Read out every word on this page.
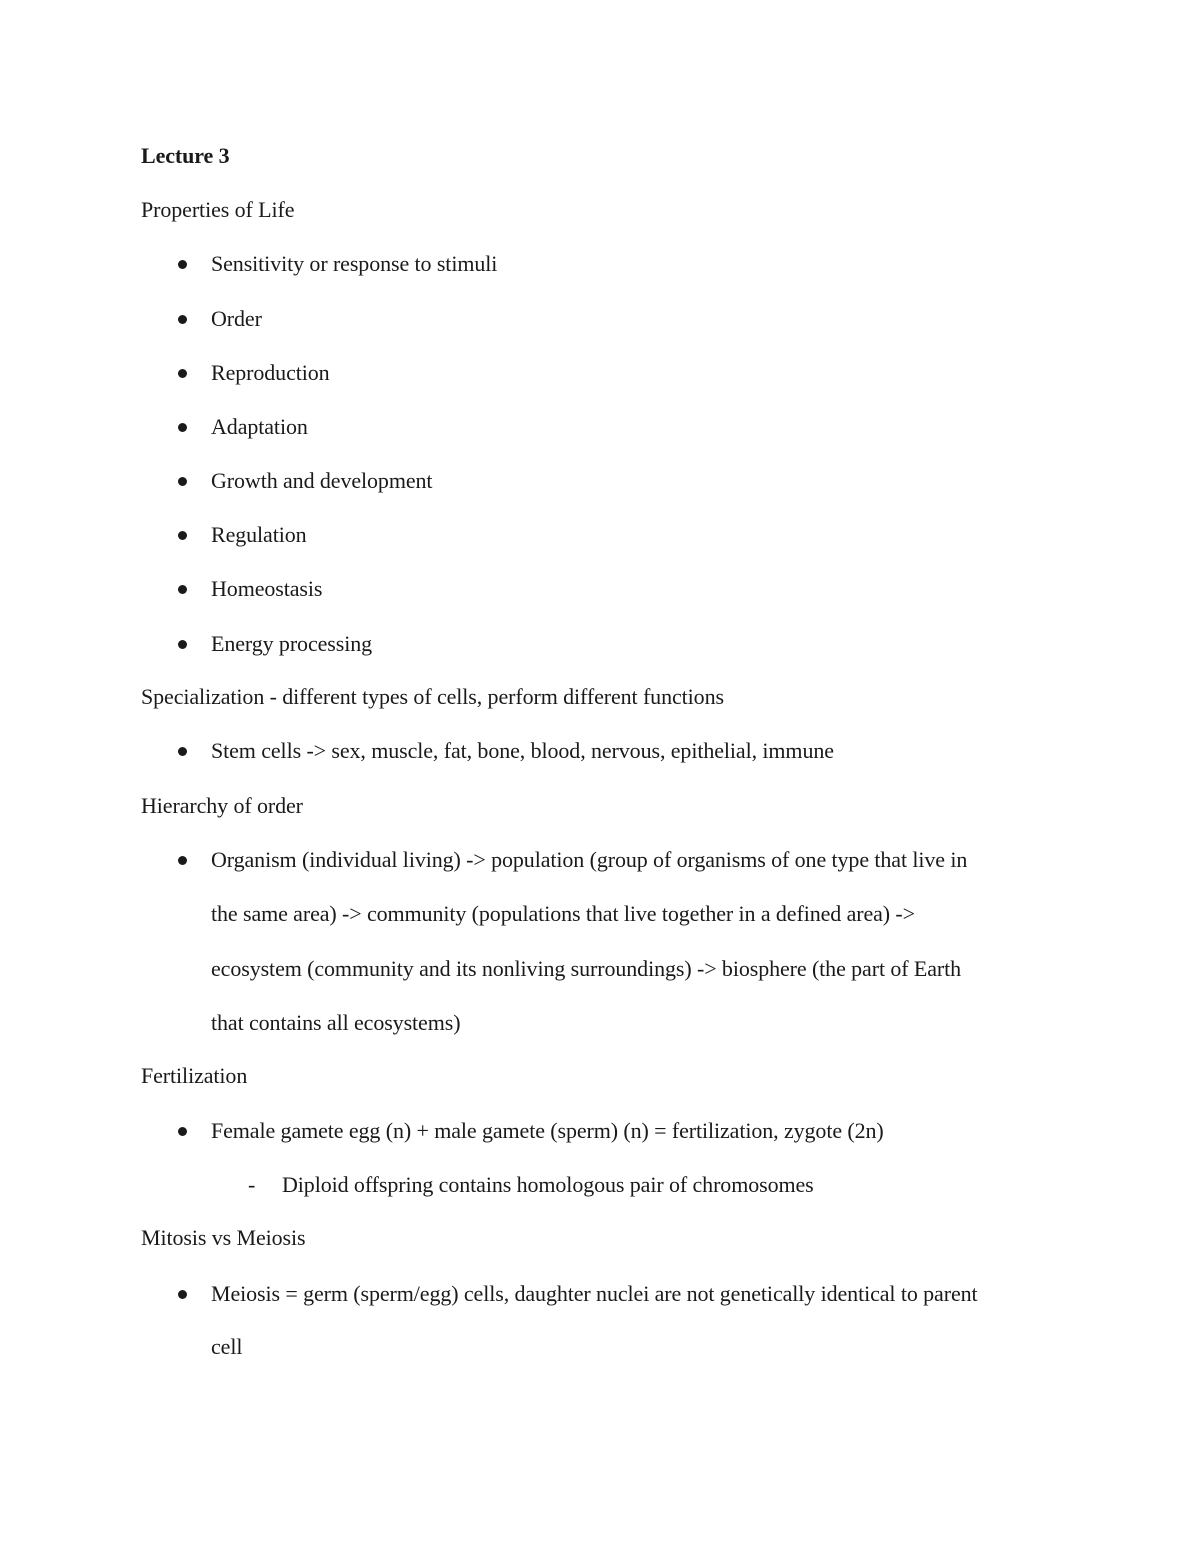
Lecture 3
Properties of Life
Sensitivity or response to stimuli
Order
Reproduction
Adaptation
Growth and development
Regulation
Homeostasis
Energy processing
Specialization - different types of cells, perform different functions
Stem cells -> sex, muscle, fat, bone, blood, nervous, epithelial, immune
Hierarchy of order
Organism (individual living) -> population (group of organisms of one type that live in
the same area) -> community (populations that live together in a defined area) ->
ecosystem (community and its nonliving surroundings) -> biosphere (the part of Earth
that contains all ecosystems)
Fertilization
Female gamete egg (n) + male gamete (sperm) (n) = fertilization, zygote (2n)
- Diploid offspring contains homologous pair of chromosomes
Mitosis vs Meiosis
Meiosis = germ (sperm/egg) cells, daughter nuclei are not genetically identical to parent
cell
